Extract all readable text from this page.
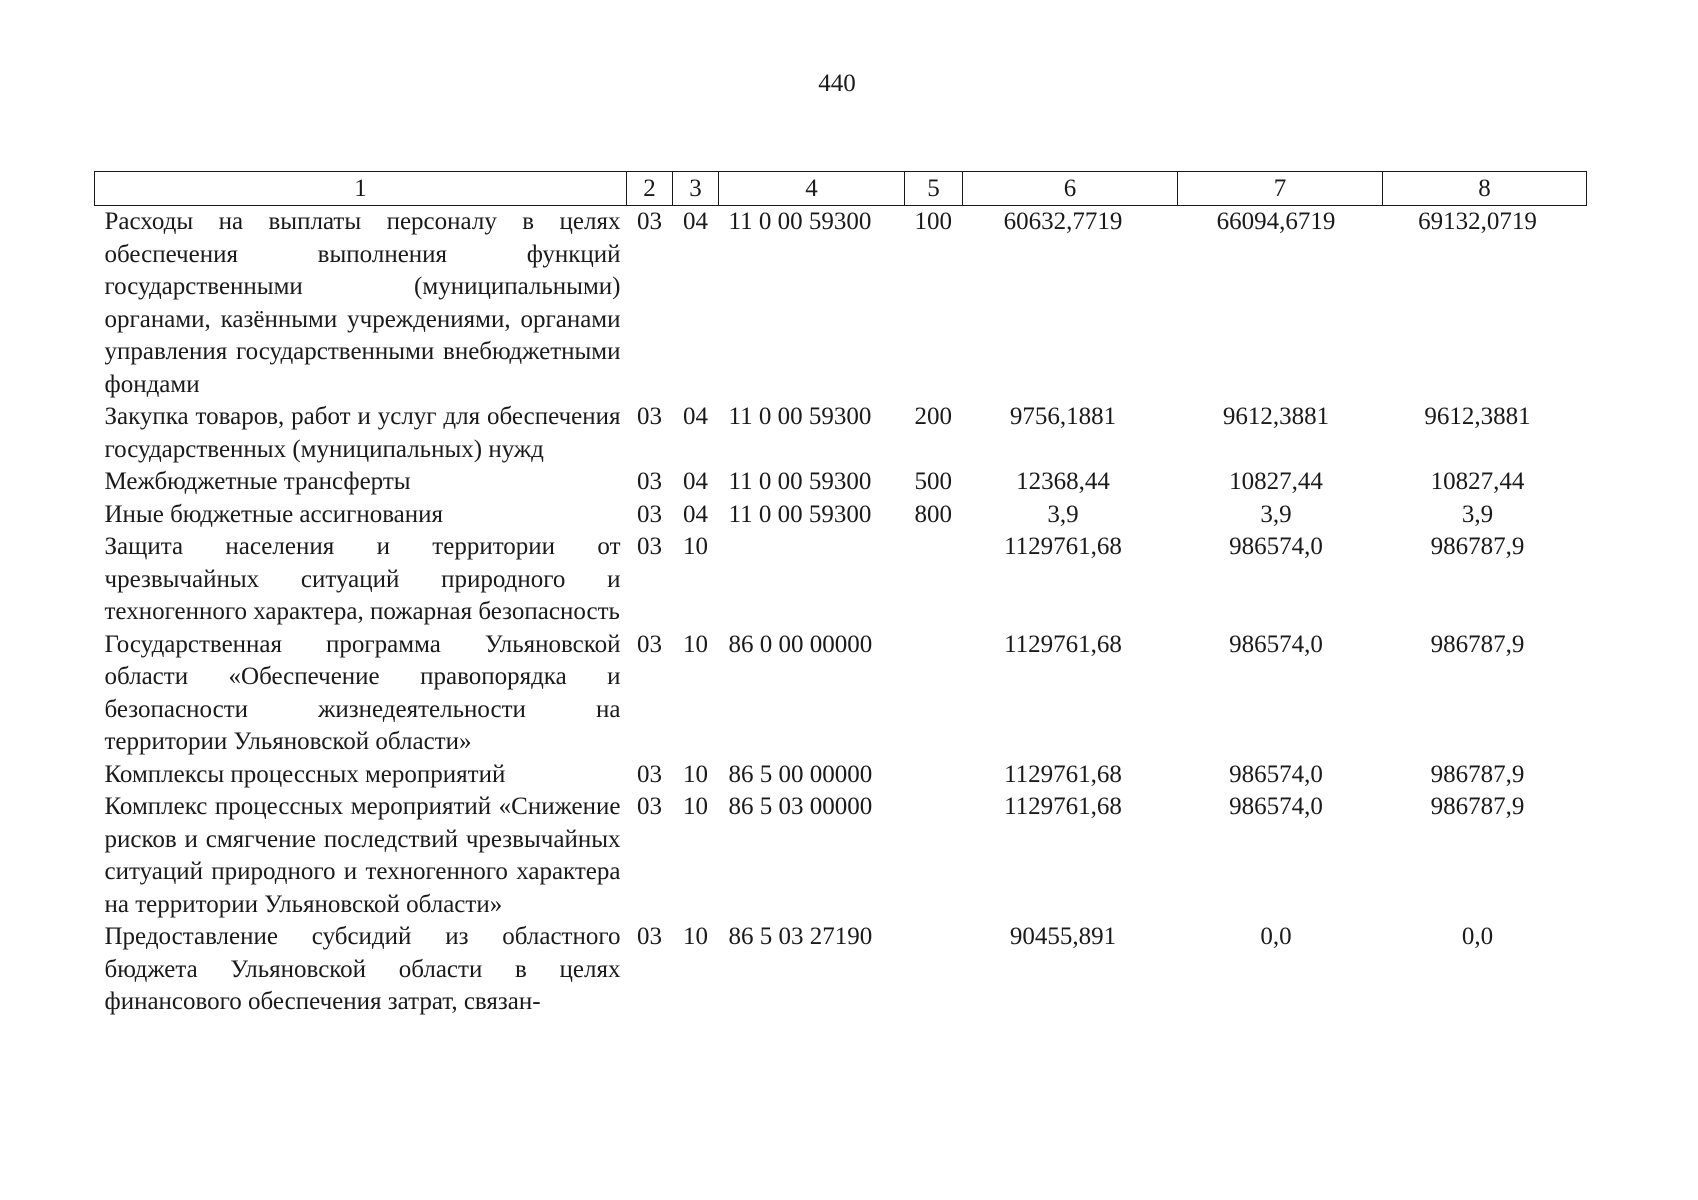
440
1	2	3	4	5	6	7	8
Расходы на выплаты персоналу в целях обеспечения выполнения функций государственными (муниципальными) органами, казёнными учреждениями, органами управления государственными внебюджетными фондами	03	04	11 0 00 59300	100	60632,7719	66094,6719	69132,0719
Закупка товаров, работ и услуг для обеспечения государственных (муниципальных) нужд	03	04	11 0 00 59300	200	9756,1881	9612,3881	9612,3881
Межбюджетные трансферты	03	04	11 0 00 59300	500	12368,44	10827,44	10827,44
Иные бюджетные ассигнования	03	04	11 0 00 59300	800	3,9	3,9	3,9
Защита населения и территории от чрезвычайных ситуаций природного и техногенного характера, пожарная безопасность	03	10			1129761,68	986574,0	986787,9
Государственная программа Ульяновской области «Обеспечение правопорядка и безопасности жизнедеятельности на территории Ульяновской области»	03	10	86 0 00 00000		1129761,68	986574,0	986787,9
Комплексы процессных мероприятий	03	10	86 5 00 00000		1129761,68	986574,0	986787,9
Комплекс процессных мероприятий «Снижение рисков и смягчение последствий чрезвычайных ситуаций природного и техногенного характера на территории Ульяновской области»	03	10	86 5 03 00000		1129761,68	986574,0	986787,9
Предоставление субсидий из областного бюджета Ульяновской области в целях финансового обеспечения затрат, связан-	03	10	86 5 03 27190		90455,891	0,0	0,0
